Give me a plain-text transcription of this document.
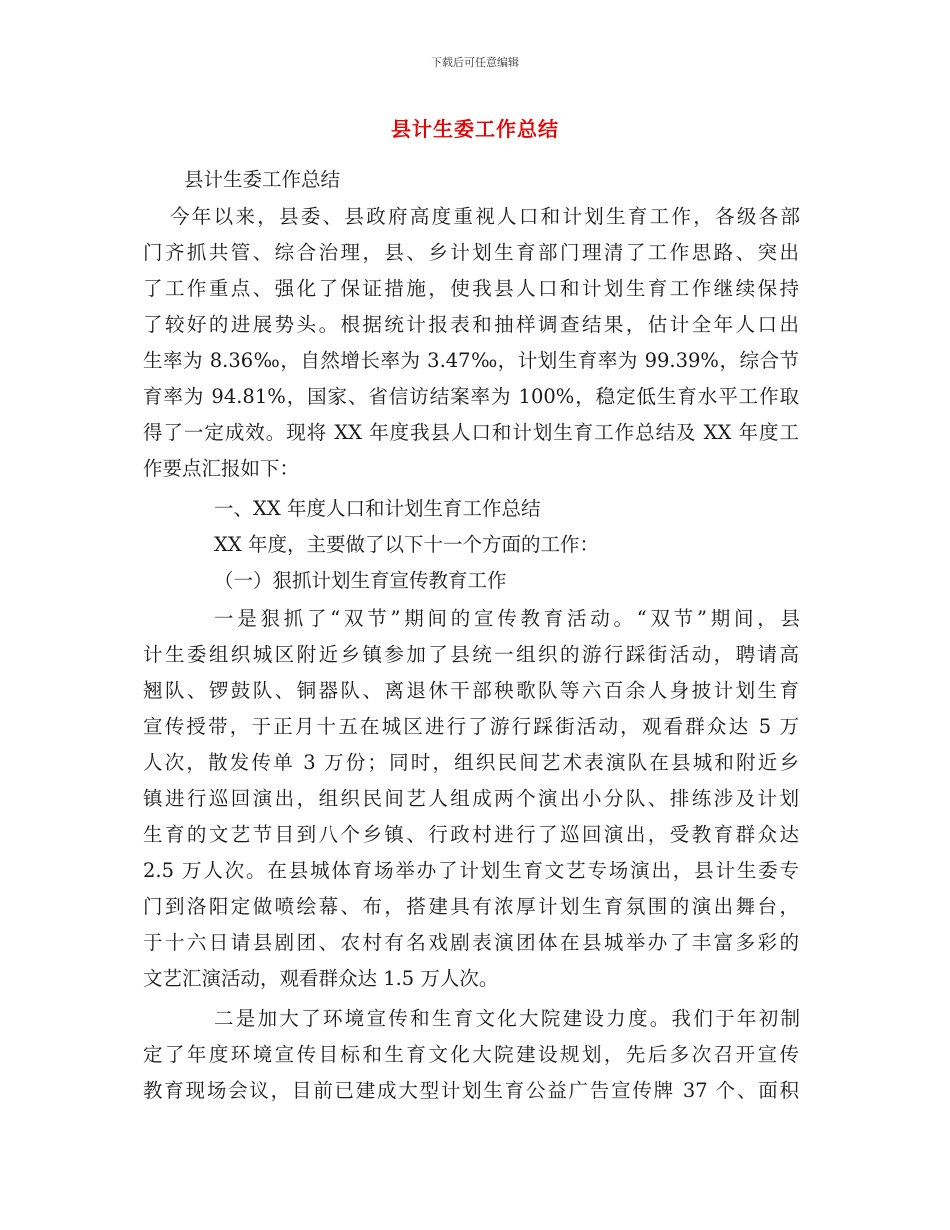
下载后可任意编辑
县计生委工作总结
县计生委工作总结
今年以来，县委、县政府高度重视人口和计划生育工作，各级各部
门齐抓共管、综合治理，县、乡计划生育部门理清了工作思路、突出
了工作重点、强化了保证措施，使我县人口和计划生育工作继续保持
了较好的进展势头。根据统计报表和抽样调查结果，估计全年人口出
生率为 8.36‰，自然增长率为 3.47‰，计划生育率为 99.39%，综合节
育率为 94.81%，国家、省信访结案率为 100%，稳定低生育水平工作取
得了一定成效。现将 XX 年度我县人口和计划生育工作总结及 XX 年度工
作要点汇报如下：
一、XX 年度人口和计划生育工作总结
XX 年度，主要做了以下十一个方面的工作：
（一）狠抓计划生育宣传教育工作
一是狠抓了“双节”期间的宣传教育活动。“双节”期间，县
计生委组织城区附近乡镇参加了县统一组织的游行踩街活动，聘请高
翘队、锣鼓队、铜器队、离退休干部秧歌队等六百余人身披计划生育
宣传授带，于正月十五在城区进行了游行踩街活动，观看群众达 5 万
人次，散发传单 3 万份；同时，组织民间艺术表演队在县城和附近乡
镇进行巡回演出，组织民间艺人组成两个演出小分队、排练涉及计划
生育的文艺节目到八个乡镇、行政村进行了巡回演出，受教育群众达
2.5 万人次。在县城体育场举办了计划生育文艺专场演出，县计生委专
门到洛阳定做喷绘幕、布，搭建具有浓厚计划生育氛围的演出舞台，
于十六日请县剧团、农村有名戏剧表演团体在县城举办了丰富多彩的
文艺汇演活动，观看群众达 1.5 万人次。
二是加大了环境宣传和生育文化大院建设力度。我们于年初制
定了年度环境宣传目标和生育文化大院建设规划，先后多次召开宣传
教育现场会议，目前已建成大型计划生育公益广告宣传牌 37 个、面积
